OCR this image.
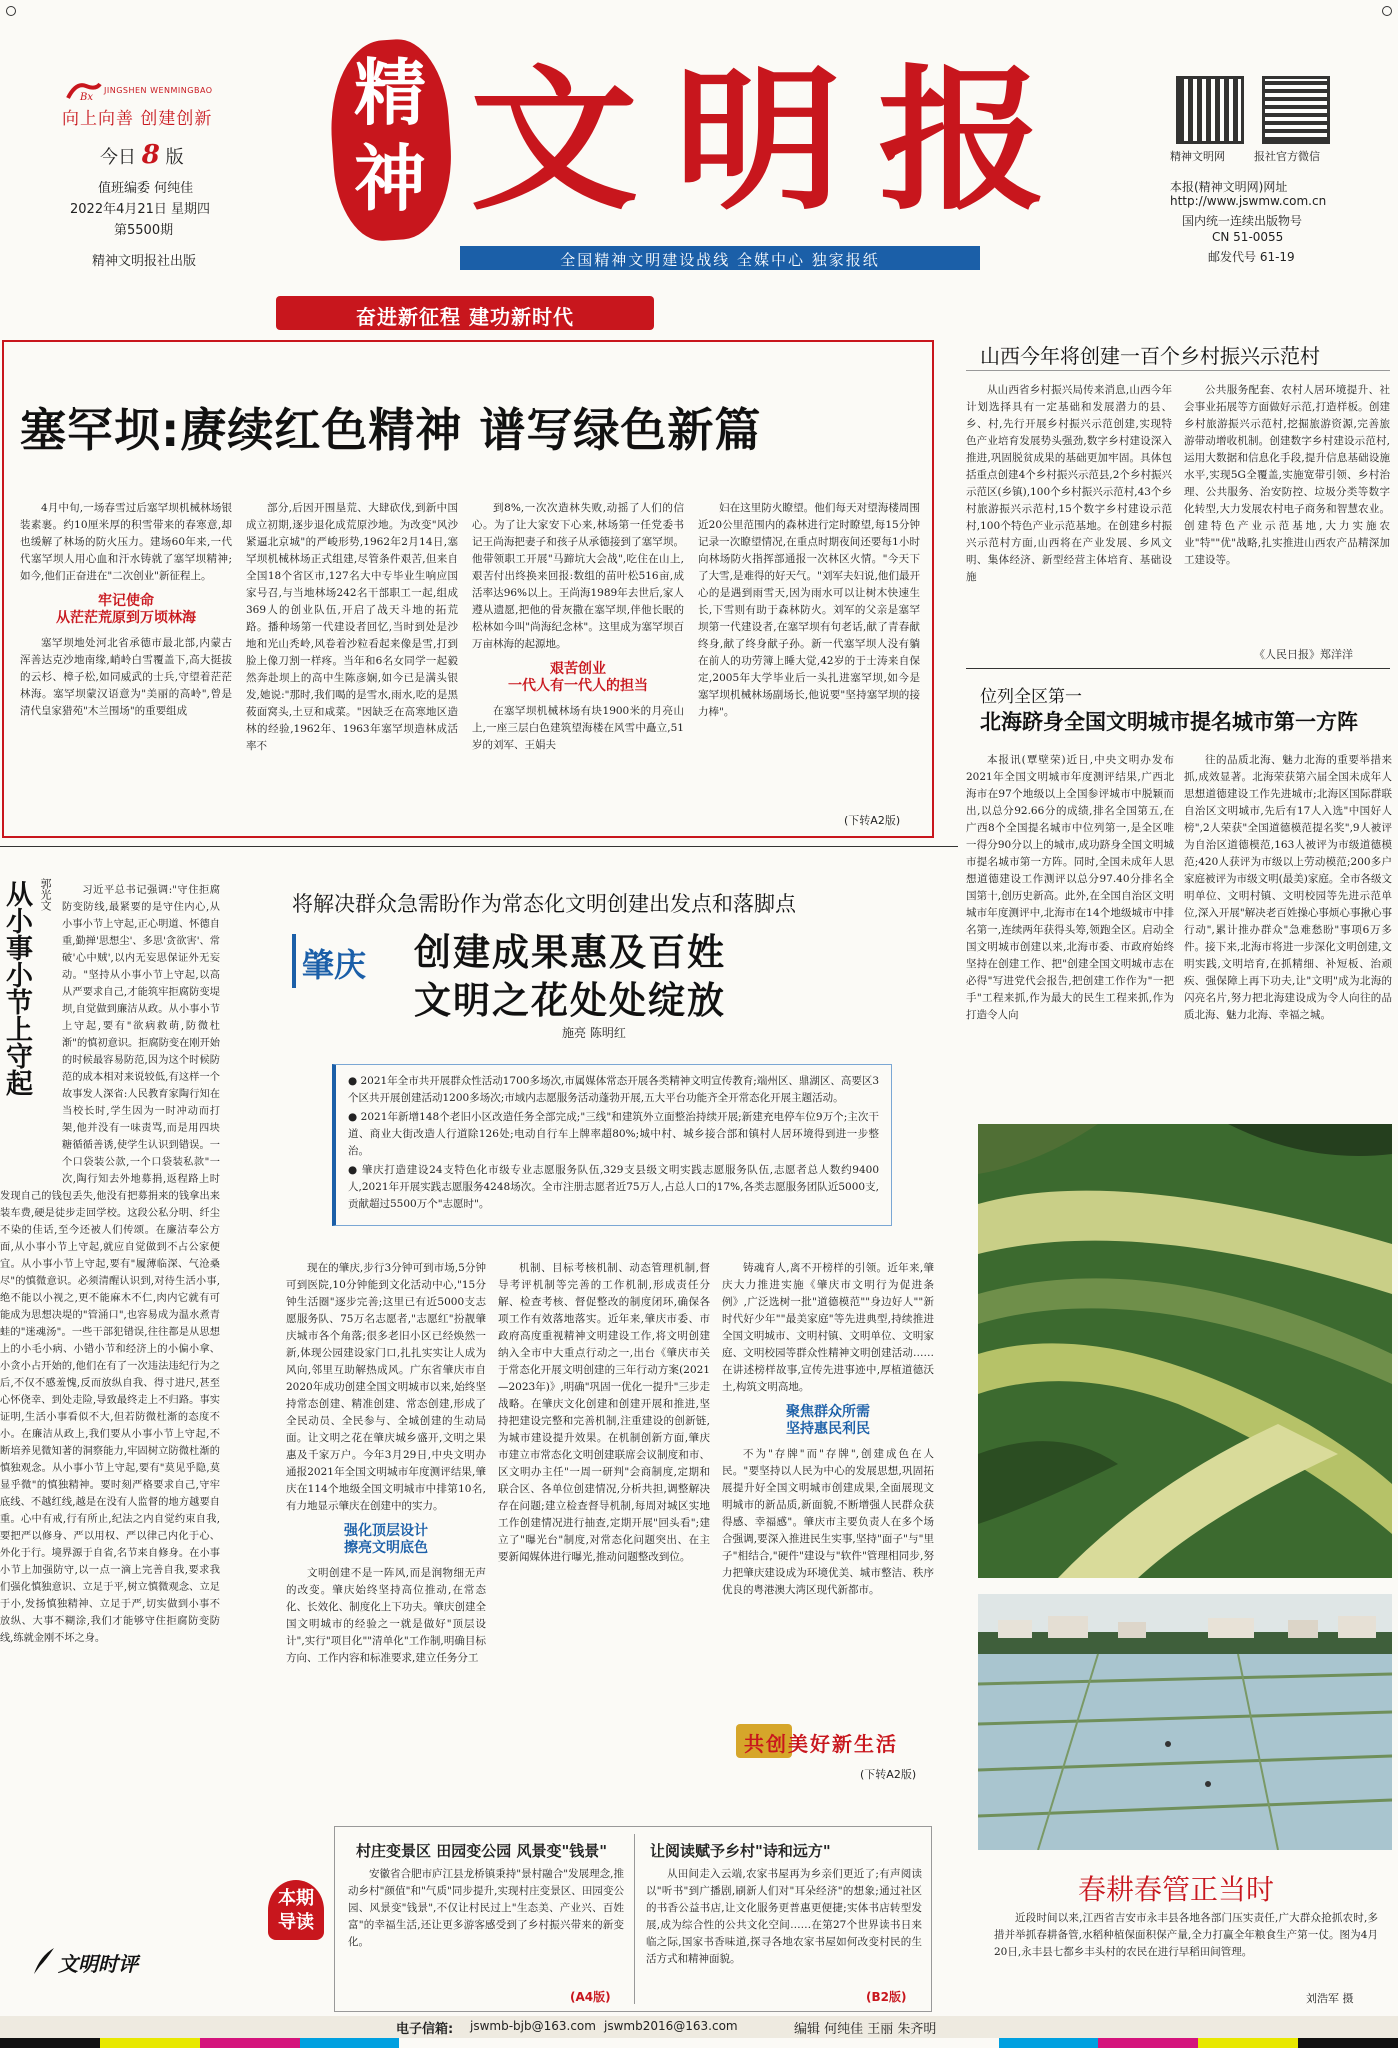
Bx
JINGSHEN WENMINGBAO
向上向善 创建创新
今日 8 版
值班编委 何纯佳
2022年4月21日 星期四
第5500期
精神文明报社出版
精神 文明报
全国精神文明建设战线 全媒中心 独家报纸
精神文明网	报社官方微信
本报(精神文明网)网址
http://www.jswmw.com.cn
国内统一连续出版物号
CN 51-0055
邮发代号 61-19
奋进新征程 建功新时代
塞罕坝:赓续红色精神 谱写绿色新篇

4月中旬,一场春雪过后塞罕坝机械林场银装素裹。约10厘米厚的积雪带来的春寒意,却也缓解了林场的防火压力。建场60年来,一代代塞罕坝人用心血和汗水铸就了塞罕坝精神;如今,他们正奋进在"二次创业"新征程上。

牢记使命
从茫茫荒原到万顷林海

塞罕坝地处河北省承德市最北部,内蒙古浑善达克沙地南缘,峭岭白雪覆盖下,高大挺拔的云杉、樟子松,如同威武的士兵,守望着茫茫林海。塞罕坝蒙汉语意为"美丽的高岭",曾是清代皇家猎苑"木兰围场"的重要组成

部分,后因开围垦荒、大肆砍伐,到新中国成立初期,逐步退化成荒原沙地。为改变"风沙紧逼北京城"的严峻形势,1962年2月14日,塞罕坝机械林场正式组建,尽管条件艰苦,但来自全国18个省区市,127名大中专毕业生响应国家号召,与当地林场242名干部职工一起,组成369人的创业队伍,开启了战天斗地的拓荒路。播种场第一代建设者回忆,当时到处是沙地和光山秃岭,风卷着沙粒看起来像是雪,打到脸上像刀割一样疼。当年和6名女同学一起毅然奔赴坝上的高中生陈彦娴,如今已是满头银发,她说:"那时,我们喝的是雪水,雨水,吃的是黑莜面窝头,土豆和咸菜。"因缺乏在高寒地区造林的经验,1962年、1963年塞罕坝造林成活率不

到8%,一次次造林失败,动摇了人们的信心。为了让大家安下心来,林场第一任党委书记王尚海把妻子和孩子从承德接到了塞罕坝。他带领职工开展"马蹄坑大会战",吃住在山上,艰苦付出终换来回报:数组的苗叶松516亩,成活率达96%以上。王尚海1989年去世后,家人遵从遗愿,把他的骨灰撒在塞罕坝,伴他长眠的松林如今叫"尚海纪念林"。这里成为塞罕坝百万亩林海的起源地。

艰苦创业
一代人有一代人的担当

在塞罕坝机械林场有块1900米的月亮山上,一座三层白色建筑望海楼在风雪中矗立,51岁的刘军、王娟夫

妇在这里防火瞭望。他们每天对望海楼周围近20公里范围内的森林进行定时瞭望,每15分钟记录一次瞭望情况,在重点时期夜间还要每1小时向林场防火指挥部通报一次林区火情。"今天下了大雪,是难得的好天气。"刘军夫妇说,他们最开心的是遇到雨雪天,因为雨水可以让树木快速生长,下雪则有助于森林防火。刘军的父亲是塞罕坝第一代建设者,在塞罕坝有句老话,献了青春献终身,献了终身献子孙。新一代塞罕坝人没有躺在前人的功劳簿上睡大觉,42岁的于士涛来自保定,2005年大学毕业后一头扎进塞罕坝,如今是塞罕坝机械林场副场长,他说要"坚持塞罕坝的接力棒"。

(下转A2版)
山西今年将创建一百个乡村振兴示范村

从山西省乡村振兴局传来消息,山西今年计划选择具有一定基础和发展潜力的县、乡、村,先行开展乡村振兴示范创建,实现特色产业培育发展势头强劲,数字乡村建设深入推进,巩固脱贫成果的基础更加牢固。具体包括重点创建4个乡村振兴示范县,2个乡村振兴示范区(乡镇),100个乡村振兴示范村,43个乡村旅游振兴示范村,15个数字乡村建设示范村,100个特色产业示范基地。在创建乡村振兴示范村方面,山西将在产业发展、乡风文明、集体经济、新型经营主体培育、基础设施

公共服务配套、农村人居环境提升、社会事业拓展等方面做好示范,打造样板。创建乡村旅游振兴示范村,挖掘旅游资源,完善旅游带动增收机制。创建数字乡村建设示范村,运用大数据和信息化手段,提升信息基础设施水平,实现5G全覆盖,实施宽带引领、乡村治理、公共服务、治安防控、垃圾分类等数字化转型,大力发展农村电子商务和智慧农业。创建特色产业示范基地,大力实施农业"特""优"战略,扎实推进山西农产品精深加工建设等。

《人民日报》郑洋洋
位列全区第一
北海跻身全国文明城市提名城市第一方阵

本报讯(覃壁荣)近日,中央文明办发布2021年全国文明城市年度测评结果,广西北海市在97个地级以上全国参评城市中脱颖而出,以总分92.66分的成绩,排名全国第五,在广西8个全国提名城市中位列第一,是全区唯一得分90分以上的城市,成功跻身全国文明城市提名城市第一方阵。同时,全国未成年人思想道德建设工作测评以总分97.40分排名全国第十,创历史新高。此外,在全国自治区文明城市年度测评中,北海市在14个地级城市中排名第一,连续两年获得头筹,领跑全区。启动全国文明城市创建以来,北海市委、市政府始终坚持在创建工作、把"创建全国文明城市志在必得"写进党代会报告,把创建工作作为"一把手"工程来抓,作为最大的民生工程来抓,作为打造令人向

往的品质北海、魅力北海的重要举措来抓,成效显著。北海荣获第六届全国未成年人思想道德建设工作先进城市;北海区国际群联自治区文明城市,先后有17人入选"中国好人榜",2人荣获"全国道德模范提名奖",9人被评为自治区道德模范,163人被评为市级道德模范;420人获评为市级以上劳动模范;200多户家庭被评为市级文明(最美)家庭。全市各级文明单位、文明村镇、文明校园等先进示范单位,深入开展"解决老百姓操心事烦心事揪心事行动",累计推办群众"急难愁盼"事项6万多件。接下来,北海市将进一步深化文明创建,文明实践,文明培育,在抓精细、补短板、治顽疾、强保障上再下功夫,让"文明"成为北海的闪亮名片,努力把北海建设成为令人向往的品质北海、魅力北海、幸福之城。

从小事小节上守起 郭光文	习近平总书记强调:"守住拒腐防变防线,最紧要的是守住内心,从小事小节上守起,正心明道、怀德自重,勤掸'思想尘'、多思'贪欲害'、常破'心中贼',以内无妄思保证外无妄动。"坚持从小事小节上守起,以高从严要求自己,才能筑牢拒腐防变堤坝,自觉做到廉洁从政。从小事小节上守起,要有"欲病救萌,防微杜渐"的慎初意识。拒腐防变在刚开始的时候最容易防范,因为这个时候防范的成本相对来说较低,有这样一个故事发人深省:人民教育家陶行知在当校长时,学生因为一时冲动而打架,他并没有一味责骂,而是用四块糖循循善诱,使学生认识到错误。一个口袋装公款,一个口袋装私款"一次,陶行知去外地募捐,返程路上时发现自己的钱包丢失,他没有把募捐来的钱拿出来装车费,硬是徒步走回学校。这段公私分明、纤尘不染的佳话,至今还被人们传颂。在廉洁奉公方面,从小事小节上守起,就应自觉做到不占公家便宜。从小事小节上守起,要有"履薄临深、气沧桑尽"的慎微意识。必须清醒认识到,对待生活小事,绝不能以小视之,更不能麻木不仁,肉内它就有可能成为思想决堤的"管涌口",也容易成为温水煮青蛙的"迷魂汤"。一些干部犯错误,往往都是从思想上的小毛小病、小错小节和经济上的小偏小拿、小贪小占开始的,他们在有了一次违法违纪行为之后,不仅不感羞愧,反而放纵自我、得寸进尺,甚至心怀侥幸、到处走险,导致最终走上不归路。事实证明,生活小事看似不大,但若防微杜渐的态度不小。在廉洁从政上,我们要从小事小节上守起,不断培养见微知著的洞察能力,牢固树立防微杜渐的慎独观念。从小事小节上守起,要有"莫见乎隐,莫显乎微"的慎独精神。要时刻严格要求自己,守牢底线、不越红线,越是在没有人监督的地方越要自重。心中有戒,行有所止,纪法之内自觉约束自我,要把严以修身、严以用权、严以律己内化于心、外化于行。境界源于自省,名节来自修身。在小事小节上加强防守,以一点一滴上完善自我,要求我们强化慎独意识、立足于平,树立慎微观念、立足于小,发扬慎独精神、立足于严,切实做到小事不放纵、大事不糊涂,我们才能够守住拒腐防变防线,练就金刚不坏之身。

文明时评
将解决群众急需盼作为常态化文明创建出发点和落脚点
肇庆 创建成果惠及百姓
文明之花处处绽放
施亮 陈明红
● 2021年全市共开展群众性活动1700多场次,市属媒体常态开展各类精神文明宣传教育;端州区、鼎湖区、高要区3个区共开展创建活动1200多场次;市域内志愿服务活动蓬勃开展,五大平台功能齐全开常态化开展主题活动。
● 2021年新增148个老旧小区改造任务全部完成;"三线"和建筑外立面整治持续开展;新建充电停车位9万个;主次干道、商业大街改造人行道除126处;电动自行车上牌率超80%;城中村、城乡接合部和镇村人居环境得到进一步整治。
● 肇庆打造建设24支特色化市级专业志愿服务队伍,329支县级文明实践志愿服务队伍,志愿者总人数约9400人,2021年开展实践志愿服务4248场次。全市注册志愿者近75万人,占总人口的17%,各类志愿服务团队近5000支,贡献超过5500万个"志愿时"。

现在的肇庆,步行3分钟可到市场,5分钟可到医院,10分钟能到文化活动中心,"15分钟生活圈"逐步完善;这里已有近5000支志愿服务队、75万名志愿者,"志愿红"扮靓肇庆城市各个角落;很多老旧小区已经焕然一新,体现公园建设家门口,扎扎实实让人成为风向,邻里互助解热成风。广东省肇庆市自2020年成功创建全国文明城市以来,始终坚持常态创建、精准创建、常态创建,形成了全民动员、全民参与、全城创建的生动局面。让文明之花在肇庆城乡盛开,文明之果惠及千家万户。今年3月29日,中央文明办通报2021年全国文明城市年度测评结果,肇庆在114个地级全国文明城市中排第10名,有力地显示肇庆在创建中的实力。

强化顶层设计
擦亮文明底色

文明创建不是一阵风,而是润物细无声的改变。肇庆始终坚持高位推动,在常态化、长效化、制度化上下功夫。肇庆创建全国文明城市的经验之一就是做好"顶层设计",实行"项目化""清单化"工作制,明确目标方向、工作内容和标准要求,建立任务分工

机制、目标考核机制、动态管理机制,督导考评机制等完善的工作机制,形成责任分解、检查考核、督促整改的制度闭环,确保各项工作有效落地落实。近年来,肇庆市委、市政府高度重视精神文明建设工作,将文明创建纳入全市中大重点行动之一,出台《肇庆市关于常态化开展文明创建的三年行动方案(2021—2023年)》,明确"巩固一优化一提升"三步走战略。在肇庆文化创建和创建开展和推进,坚持把建设完整和完善机制,注重建设的创新链,为城市建设提升效果。在机制创新方面,肇庆市建立市常态化文明创建联席会议制度和市、区文明办主任"一周一研判"会商制度,定期和联合区、各单位创建情况,分析共担,调整解决存在问题;建立检查督导机制,每周对城区实地工作创建情况进行抽查,定期开展"回头看";建立了"曝光台"制度,对常态化问题突出、在主要新闻媒体进行曝光,推动问题整改到位。

铸魂育人,离不开榜样的引领。近年来,肇庆大力推进实施《肇庆市文明行为促进条例》,广泛选树一批"道德模范""身边好人""新时代好少年""最美家庭"等先进典型,持续推进全国文明城市、文明村镇、文明单位、文明家庭、文明校园等群众性精神文明创建活动……在讲述榜样故事,宣传先进事迹中,厚植道德沃土,构筑文明高地。

聚焦群众所需
坚持惠民利民

不为"存牌"而"存牌",创建成色在人民。"要坚持以人民为中心的发展思想,巩固拓展提升好全国文明城市创建成果,全面展现文明城市的新品质,新面貌,不断增强人民群众获得感、幸福感"。肇庆市主要负责人在多个场合强调,要深入推进民生实事,坚持"面子"与"里子"相结合,"硬件"建设与"软件"管理相同步,努力把肇庆建设成为环境优美、城市整洁、秩序优良的粤港澳大湾区现代新都市。

(下转A2版)
共创美好新生活
春耕春管正当时

近段时间以来,江西省吉安市永丰县各地各部门压实责任,广大群众抢抓农时,多措并举抓春耕备管,水稻种植保面积保产量,全力打赢全年粮食生产第一仗。图为4月20日,永丰县七都乡丰头村的农民在进行早稻田间管理。

刘浩军 摄
本期
导读
村庄变景区 田园变公园 风景变"钱景"

安徽省合肥市庐江县龙桥镇秉持"景村融合"发展理念,推动乡村"颜值"和"气质"同步提升,实现村庄变景区、田园变公园、风景变"钱景",不仅让村民过上"生态美、产业兴、百姓富"的幸福生活,还让更多游客感受到了乡村振兴带来的新变化。

(A4版)
让阅读赋予乡村"诗和远方"

从田间走入云端,农家书屋再为乡亲们更近了;有声阅读以"听书"到广播剧,刷新人们对"耳朵经济"的想象;通过社区的书香公益书店,让文化服务更普惠更便捷;实体书店转型发展,成为综合性的公共文化空间……在第27个世界读书日来临之际,国家书香味道,探寻各地农家书屋如何改变村民的生活方式和精神面貌。

(B2版)
电子信箱: jswmb-bjb@163.com jswmb2016@163.com	编辑 何纯佳 王丽 朱齐明
